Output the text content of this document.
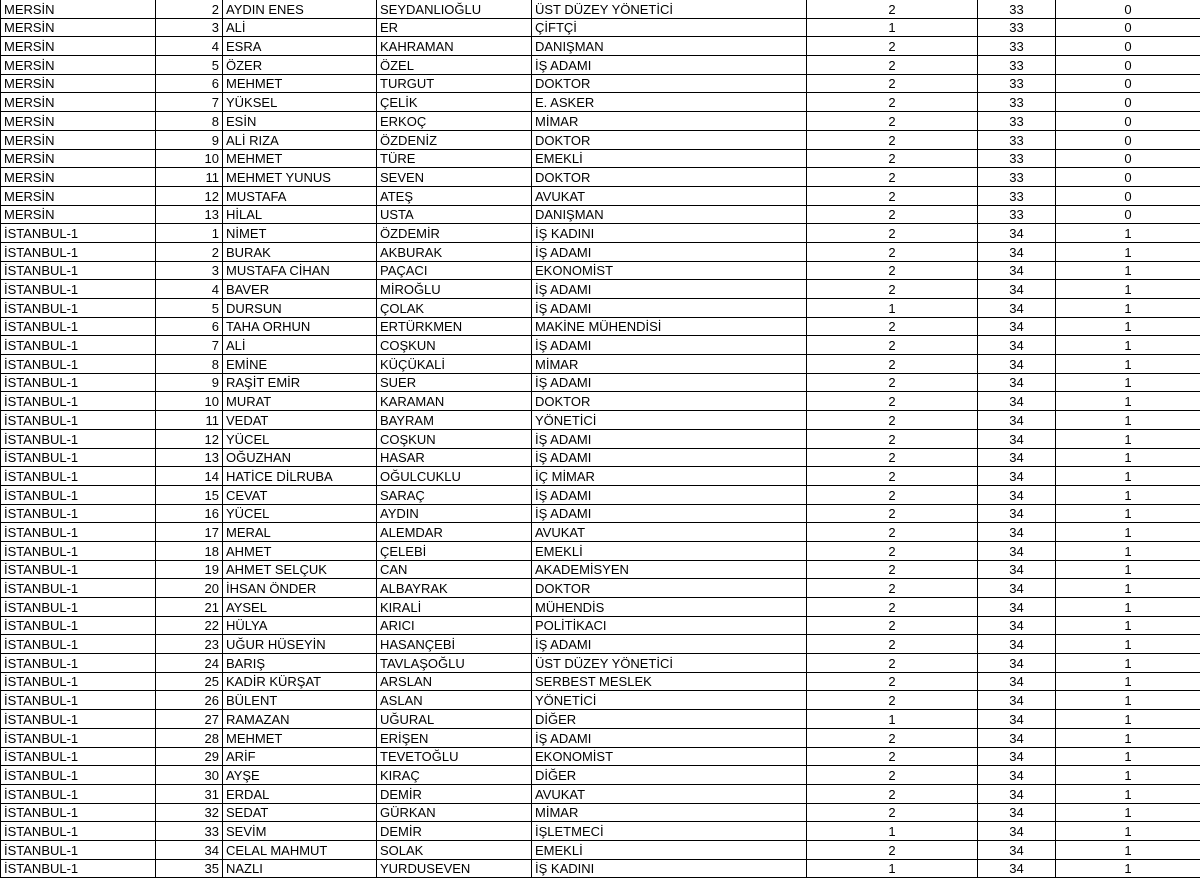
MERSİN	2	AYDIN ENES	SEYDANLIOĞLU	ÜST DÜZEY YÖNETİCİ	2	33	0
MERSİN	3	ALİ	ER	ÇİFTÇİ	1	33	0
MERSİN	4	ESRA	KAHRAMAN	DANIŞMAN	2	33	0
MERSİN	5	ÖZER	ÖZEL	İŞ ADAMI	2	33	0
MERSİN	6	MEHMET	TURGUT	DOKTOR	2	33	0
MERSİN	7	YÜKSEL	ÇELİK	E. ASKER	2	33	0
MERSİN	8	ESİN	ERKOÇ	MİMAR	2	33	0
MERSİN	9	ALİ RIZA	ÖZDENİZ	DOKTOR	2	33	0
MERSİN	10	MEHMET	TÜRE	EMEKLİ	2	33	0
MERSİN	11	MEHMET YUNUS	SEVEN	DOKTOR	2	33	0
MERSİN	12	MUSTAFA	ATEŞ	AVUKAT	2	33	0
MERSİN	13	HİLAL	USTA	DANIŞMAN	2	33	0
İSTANBUL-1	1	NİMET	ÖZDEMİR	İŞ KADINI	2	34	1
İSTANBUL-1	2	BURAK	AKBURAK	İŞ ADAMI	2	34	1
İSTANBUL-1	3	MUSTAFA CİHAN	PAÇACI	EKONOMİST	2	34	1
İSTANBUL-1	4	BAVER	MİROĞLU	İŞ ADAMI	2	34	1
İSTANBUL-1	5	DURSUN	ÇOLAK	İŞ ADAMI	1	34	1
İSTANBUL-1	6	TAHA ORHUN	ERTÜRKMEN	MAKİNE MÜHENDİSİ	2	34	1
İSTANBUL-1	7	ALİ	COŞKUN	İŞ ADAMI	2	34	1
İSTANBUL-1	8	EMİNE	KÜÇÜKALİ	MİMAR	2	34	1
İSTANBUL-1	9	RAŞİT EMİR	SUER	İŞ ADAMI	2	34	1
İSTANBUL-1	10	MURAT	KARAMAN	DOKTOR	2	34	1
İSTANBUL-1	11	VEDAT	BAYRAM	YÖNETİCİ	2	34	1
İSTANBUL-1	12	YÜCEL	COŞKUN	İŞ ADAMI	2	34	1
İSTANBUL-1	13	OĞUZHAN	HASAR	İŞ ADAMI	2	34	1
İSTANBUL-1	14	HATİCE DİLRUBA	OĞULCUKLU	İÇ MİMAR	2	34	1
İSTANBUL-1	15	CEVAT	SARAÇ	İŞ ADAMI	2	34	1
İSTANBUL-1	16	YÜCEL	AYDIN	İŞ ADAMI	2	34	1
İSTANBUL-1	17	MERAL	ALEMDAR	AVUKAT	2	34	1
İSTANBUL-1	18	AHMET	ÇELEBİ	EMEKLİ	2	34	1
İSTANBUL-1	19	AHMET SELÇUK	CAN	AKADEMİSYEN	2	34	1
İSTANBUL-1	20	İHSAN ÖNDER	ALBAYRAK	DOKTOR	2	34	1
İSTANBUL-1	21	AYSEL	KIRALİ	MÜHENDİS	2	34	1
İSTANBUL-1	22	HÜLYA	ARICI	POLİTİKACI	2	34	1
İSTANBUL-1	23	UĞUR HÜSEYİN	HASANÇEBİ	İŞ ADAMI	2	34	1
İSTANBUL-1	24	BARIŞ	TAVLAŞOĞLU	ÜST DÜZEY YÖNETİCİ	2	34	1
İSTANBUL-1	25	KADİR KÜRŞAT	ARSLAN	SERBEST MESLEK	2	34	1
İSTANBUL-1	26	BÜLENT	ASLAN	YÖNETİCİ	2	34	1
İSTANBUL-1	27	RAMAZAN	UĞURAL	DİĞER	1	34	1
İSTANBUL-1	28	MEHMET	ERİŞEN	İŞ ADAMI	2	34	1
İSTANBUL-1	29	ARİF	TEVETOĞLU	EKONOMİST	2	34	1
İSTANBUL-1	30	AYŞE	KIRAÇ	DİĞER	2	34	1
İSTANBUL-1	31	ERDAL	DEMİR	AVUKAT	2	34	1
İSTANBUL-1	32	SEDAT	GÜRKAN	MİMAR	2	34	1
İSTANBUL-1	33	SEVİM	DEMİR	İŞLETMECİ	1	34	1
İSTANBUL-1	34	CELAL MAHMUT	SOLAK	EMEKLİ	2	34	1
İSTANBUL-1	35	NAZLI	YURDUSEVEN	İŞ KADINI	1	34	1
